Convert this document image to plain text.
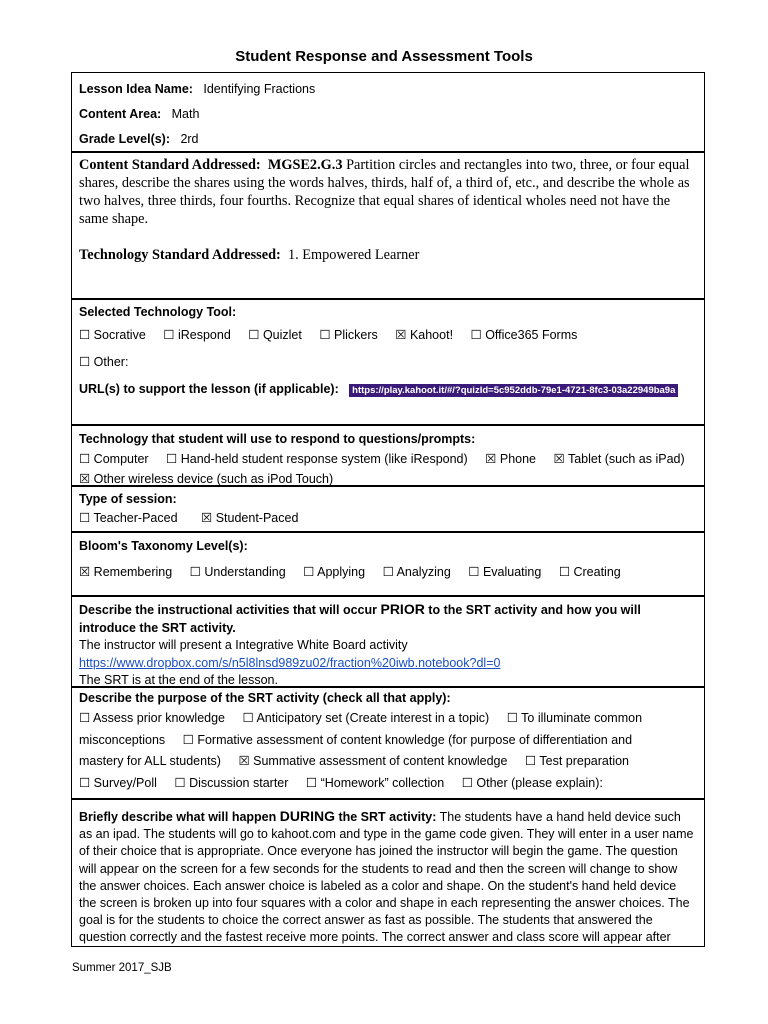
Student Response and Assessment Tools
Lesson Idea Name: Identifying Fractions
Content Area: Math
Grade Level(s): 2rd
Content Standard Addressed: MGSE2.G.3 Partition circles and rectangles into two, three, or four equal shares, describe the shares using the words halves, thirds, half of, a third of, etc., and describe the whole as two halves, three thirds, four fourths. Recognize that equal shares of identical wholes need not have the same shape.
Technology Standard Addressed: 1. Empowered Learner
Selected Technology Tool:
☐ Socrative ☐ iRespond ☐ Quizlet ☐ Plickers ☒ Kahoot! ☐ Office365 Forms
☐ Other:
URL(s) to support the lesson (if applicable): https://play.kahoot.it/#/?quizId=5c952ddb-79e1-4721-8fc3-03a22949ba9a
Technology that student will use to respond to questions/prompts:
☐ Computer ☐ Hand-held student response system (like iRespond) ☒ Phone ☒ Tablet (such as iPad)
☒ Other wireless device (such as iPod Touch)
Type of session:
☐ Teacher-Paced ☒ Student-Paced
Bloom's Taxonomy Level(s):
☒ Remembering ☐ Understanding ☐ Applying ☐ Analyzing ☐ Evaluating ☐ Creating
Describe the instructional activities that will occur PRIOR to the SRT activity and how you will introduce the SRT activity.
The instructor will present a Integrative White Board activity
https://www.dropbox.com/s/n5l8lnsd989zu02/fraction%20iwb.notebook?dl=0
The SRT is at the end of the lesson.
Describe the purpose of the SRT activity (check all that apply):
☐ Assess prior knowledge ☐ Anticipatory set (Create interest in a topic) ☐ To illuminate common
misconceptions ☐ Formative assessment of content knowledge (for purpose of differentiation and
mastery for ALL students) ☒ Summative assessment of content knowledge ☐ Test preparation
☐ Survey/Poll ☐ Discussion starter ☐ “Homework” collection ☐ Other (please explain):
Briefly describe what will happen DURING the SRT activity: The students have a hand held device such as an ipad. The students will go to kahoot.com and type in the game code given. They will enter in a user name of their choice that is appropriate. Once everyone has joined the instructor will begin the game. The question will appear on the screen for a few seconds for the students to read and then the screen will change to show the answer choices. Each answer choice is labeled as a color and shape. On the student's hand held device the screen is broken up into four squares with a color and shape in each representing the answer choices. The goal is for the students to choice the correct answer as fast as possible. The students that answered the question correctly and the fastest receive more points. The correct answer and class score will appear after
Summer 2017_SJB
